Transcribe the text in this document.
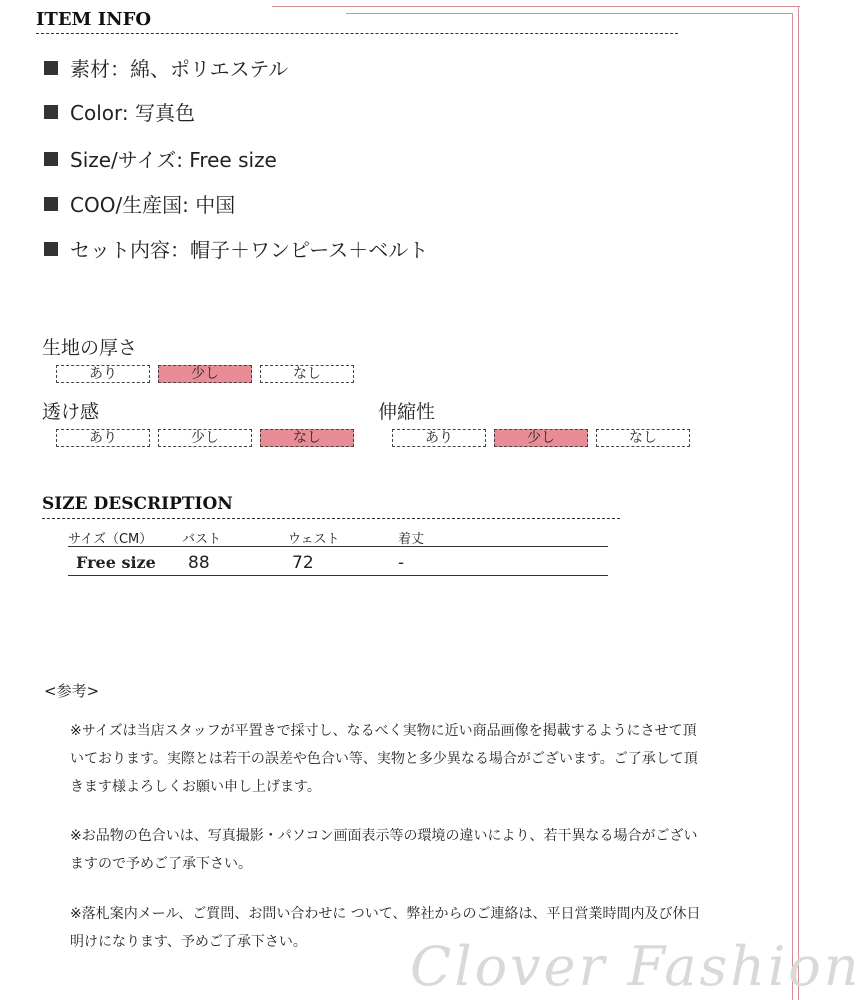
ITEM INFO
素材：綿、ポリエステル
Color: 写真色
Size/サイズ: Free size
COO/生産国: 中国
セット内容：帽子＋ワンピース＋ベルト
生地の厚さ
あり	少し	なし
透け感
あり	少し	なし
伸縮性
あり	少し	なし
SIZE DESCRIPTION
サイズ（CM） バスト	ウェスト	着丈
Free size 88	72	-
<参考>
※サイズは当店スタッフが平置きで採寸し、なるべく実物に近い商品画像を掲載するようにさせて頂いております。実際とは若干の誤差や色合い等、実物と多少異なる場合がございます。ご了承して頂きます様よろしくお願い申し上げます。
※お品物の色合いは、写真撮影・パソコン画面表示等の環境の違いにより、若干異なる場合がございますので予めご了承下さい。
※落札案内メール、ご質問、お問い合わせに ついて、弊社からのご連絡は、平日営業時間内及び休日明けになります、予めご了承下さい。	Clover Fashion
